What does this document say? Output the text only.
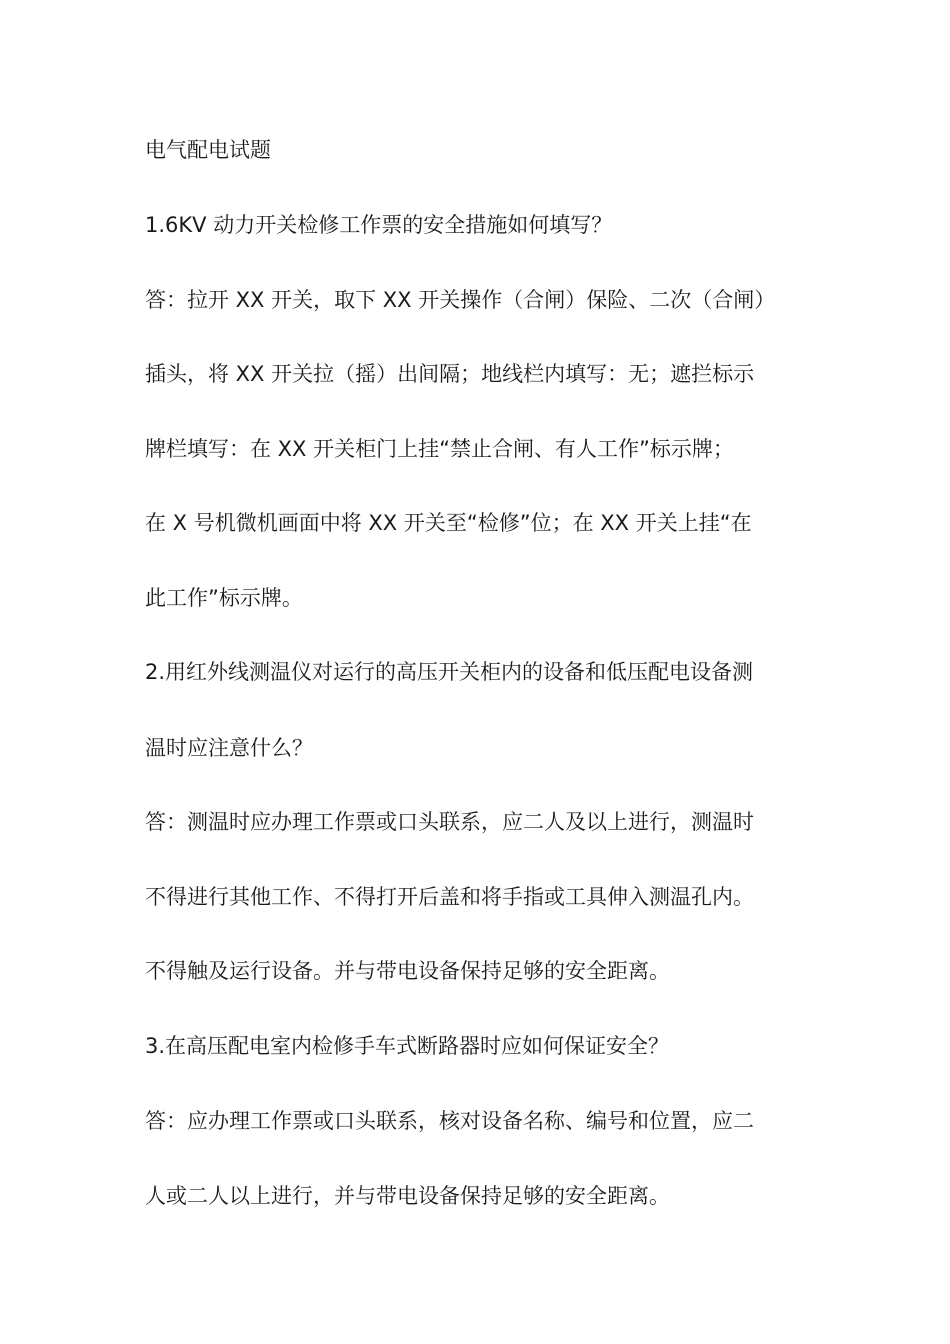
电气配电试题
1.6KV 动力开关检修工作票的安全措施如何填写？
答：拉开 XX 开关，取下 XX 开关操作（合闸）保险、二次（合闸）
插头，将 XX 开关拉（摇）出间隔；地线栏内填写：无；遮拦标示
牌栏填写：在 XX 开关柜门上挂“禁止合闸、有人工作”标示牌；
在 X 号机微机画面中将 XX 开关至“检修”位；在 XX 开关上挂“在
此工作”标示牌。
2.用红外线测温仪对运行的高压开关柜内的设备和低压配电设备测
温时应注意什么？
答：测温时应办理工作票或口头联系，应二人及以上进行，测温时
不得进行其他工作、不得打开后盖和将手指或工具伸入测温孔内。
不得触及运行设备。并与带电设备保持足够的安全距离。
3.在高压配电室内检修手车式断路器时应如何保证安全？
答：应办理工作票或口头联系，核对设备名称、编号和位置，应二
人或二人以上进行，并与带电设备保持足够的安全距离。
